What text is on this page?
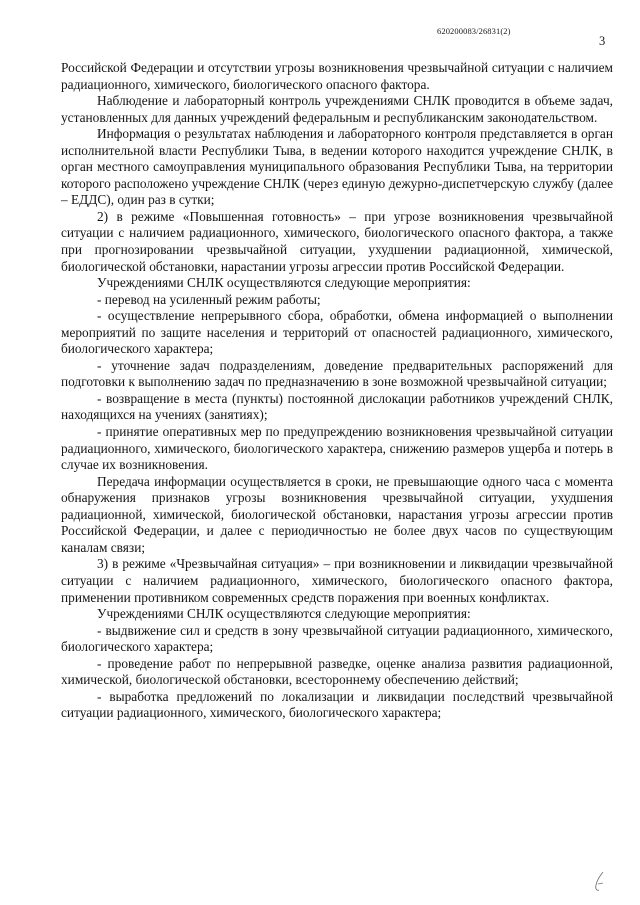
620200083/26831(2)
3

Российской Федерации и отсутствии угрозы возникновения чрезвычайной ситуации с наличием радиационного, химического, биологического опасного фактора.

Наблюдение и лабораторный контроль учреждениями СНЛК проводится в объеме задач, установленных для данных учреждений федеральным и республиканским законодательством.

Информация о результатах наблюдения и лабораторного контроля представляется в орган исполнительной власти Республики Тыва, в ведении которого находится учреждение СНЛК, в орган местного самоуправления муниципального образования Республики Тыва, на территории которого расположено учреждение СНЛК (через единую дежурно-диспетчерскую службу (далее – ЕДДС), один раз в сутки;

2) в режиме «Повышенная готовность» – при угрозе возникновения чрезвычайной ситуации с наличием радиационного, химического, биологического опасного фактора, а также при прогнозировании чрезвычайной ситуации, ухудшении радиационной, химической, биологической обстановки, нарастании угрозы агрессии против Российской Федерации.

Учреждениями СНЛК осуществляются следующие мероприятия:

- перевод на усиленный режим работы;

- осуществление непрерывного сбора, обработки, обмена информацией о выполнении мероприятий по защите населения и территорий от опасностей радиационного, химического, биологического характера;

- уточнение задач подразделениям, доведение предварительных распоряжений для подготовки к выполнению задач по предназначению в зоне возможной чрезвычайной ситуации;

- возвращение в места (пункты) постоянной дислокации работников учреждений СНЛК, находящихся на учениях (занятиях);

- принятие оперативных мер по предупреждению возникновения чрезвычайной ситуации радиационного, химического, биологического характера, снижению размеров ущерба и потерь в случае их возникновения.

Передача информации осуществляется в сроки, не превышающие одного часа с момента обнаружения признаков угрозы возникновения чрезвычайной ситуации, ухудшения радиационной, химической, биологической обстановки, нарастания угрозы агрессии против Российской Федерации, и далее с периодичностью не более двух часов по существующим каналам связи;

3) в режиме «Чрезвычайная ситуация» – при возникновении и ликвидации чрезвычайной ситуации с наличием радиационного, химического, биологического опасного фактора, применении противником современных средств поражения при военных конфликтах.

Учреждениями СНЛК осуществляются следующие мероприятия:

- выдвижение сил и средств в зону чрезвычайной ситуации радиационного, химического, биологического характера;

- проведение работ по непрерывной разведке, оценке анализа развития радиационной, химической, биологической обстановки, всестороннему обеспечению действий;

- выработка предложений по локализации и ликвидации последствий чрезвычайной ситуации радиационного, химического, биологического характера;
